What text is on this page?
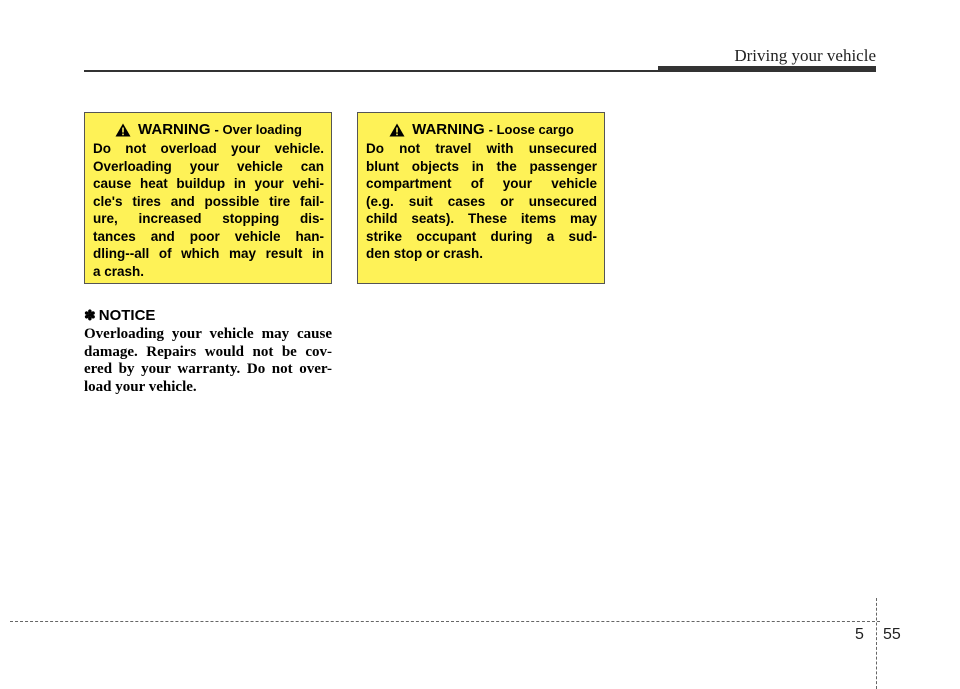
Driving your vehicle
WARNING - Over loading

Do not overload your vehicle.
Overloading your vehicle can
cause heat buildup in your vehi-
cle's tires and possible tire fail-
ure, increased stopping dis-
tances and poor vehicle han-
dling--all of which may result in
a crash.

WARNING - Loose cargo

Do not travel with unsecured
blunt objects in the passenger
compartment of your vehicle
(e.g. suit cases or unsecured
child seats). These items may
strike occupant during a sud-
den stop or crash.

✽ NOTICE
Overloading your vehicle may cause
damage. Repairs would not be cov-
ered by your warranty. Do not over-
load your vehicle.
5 55
